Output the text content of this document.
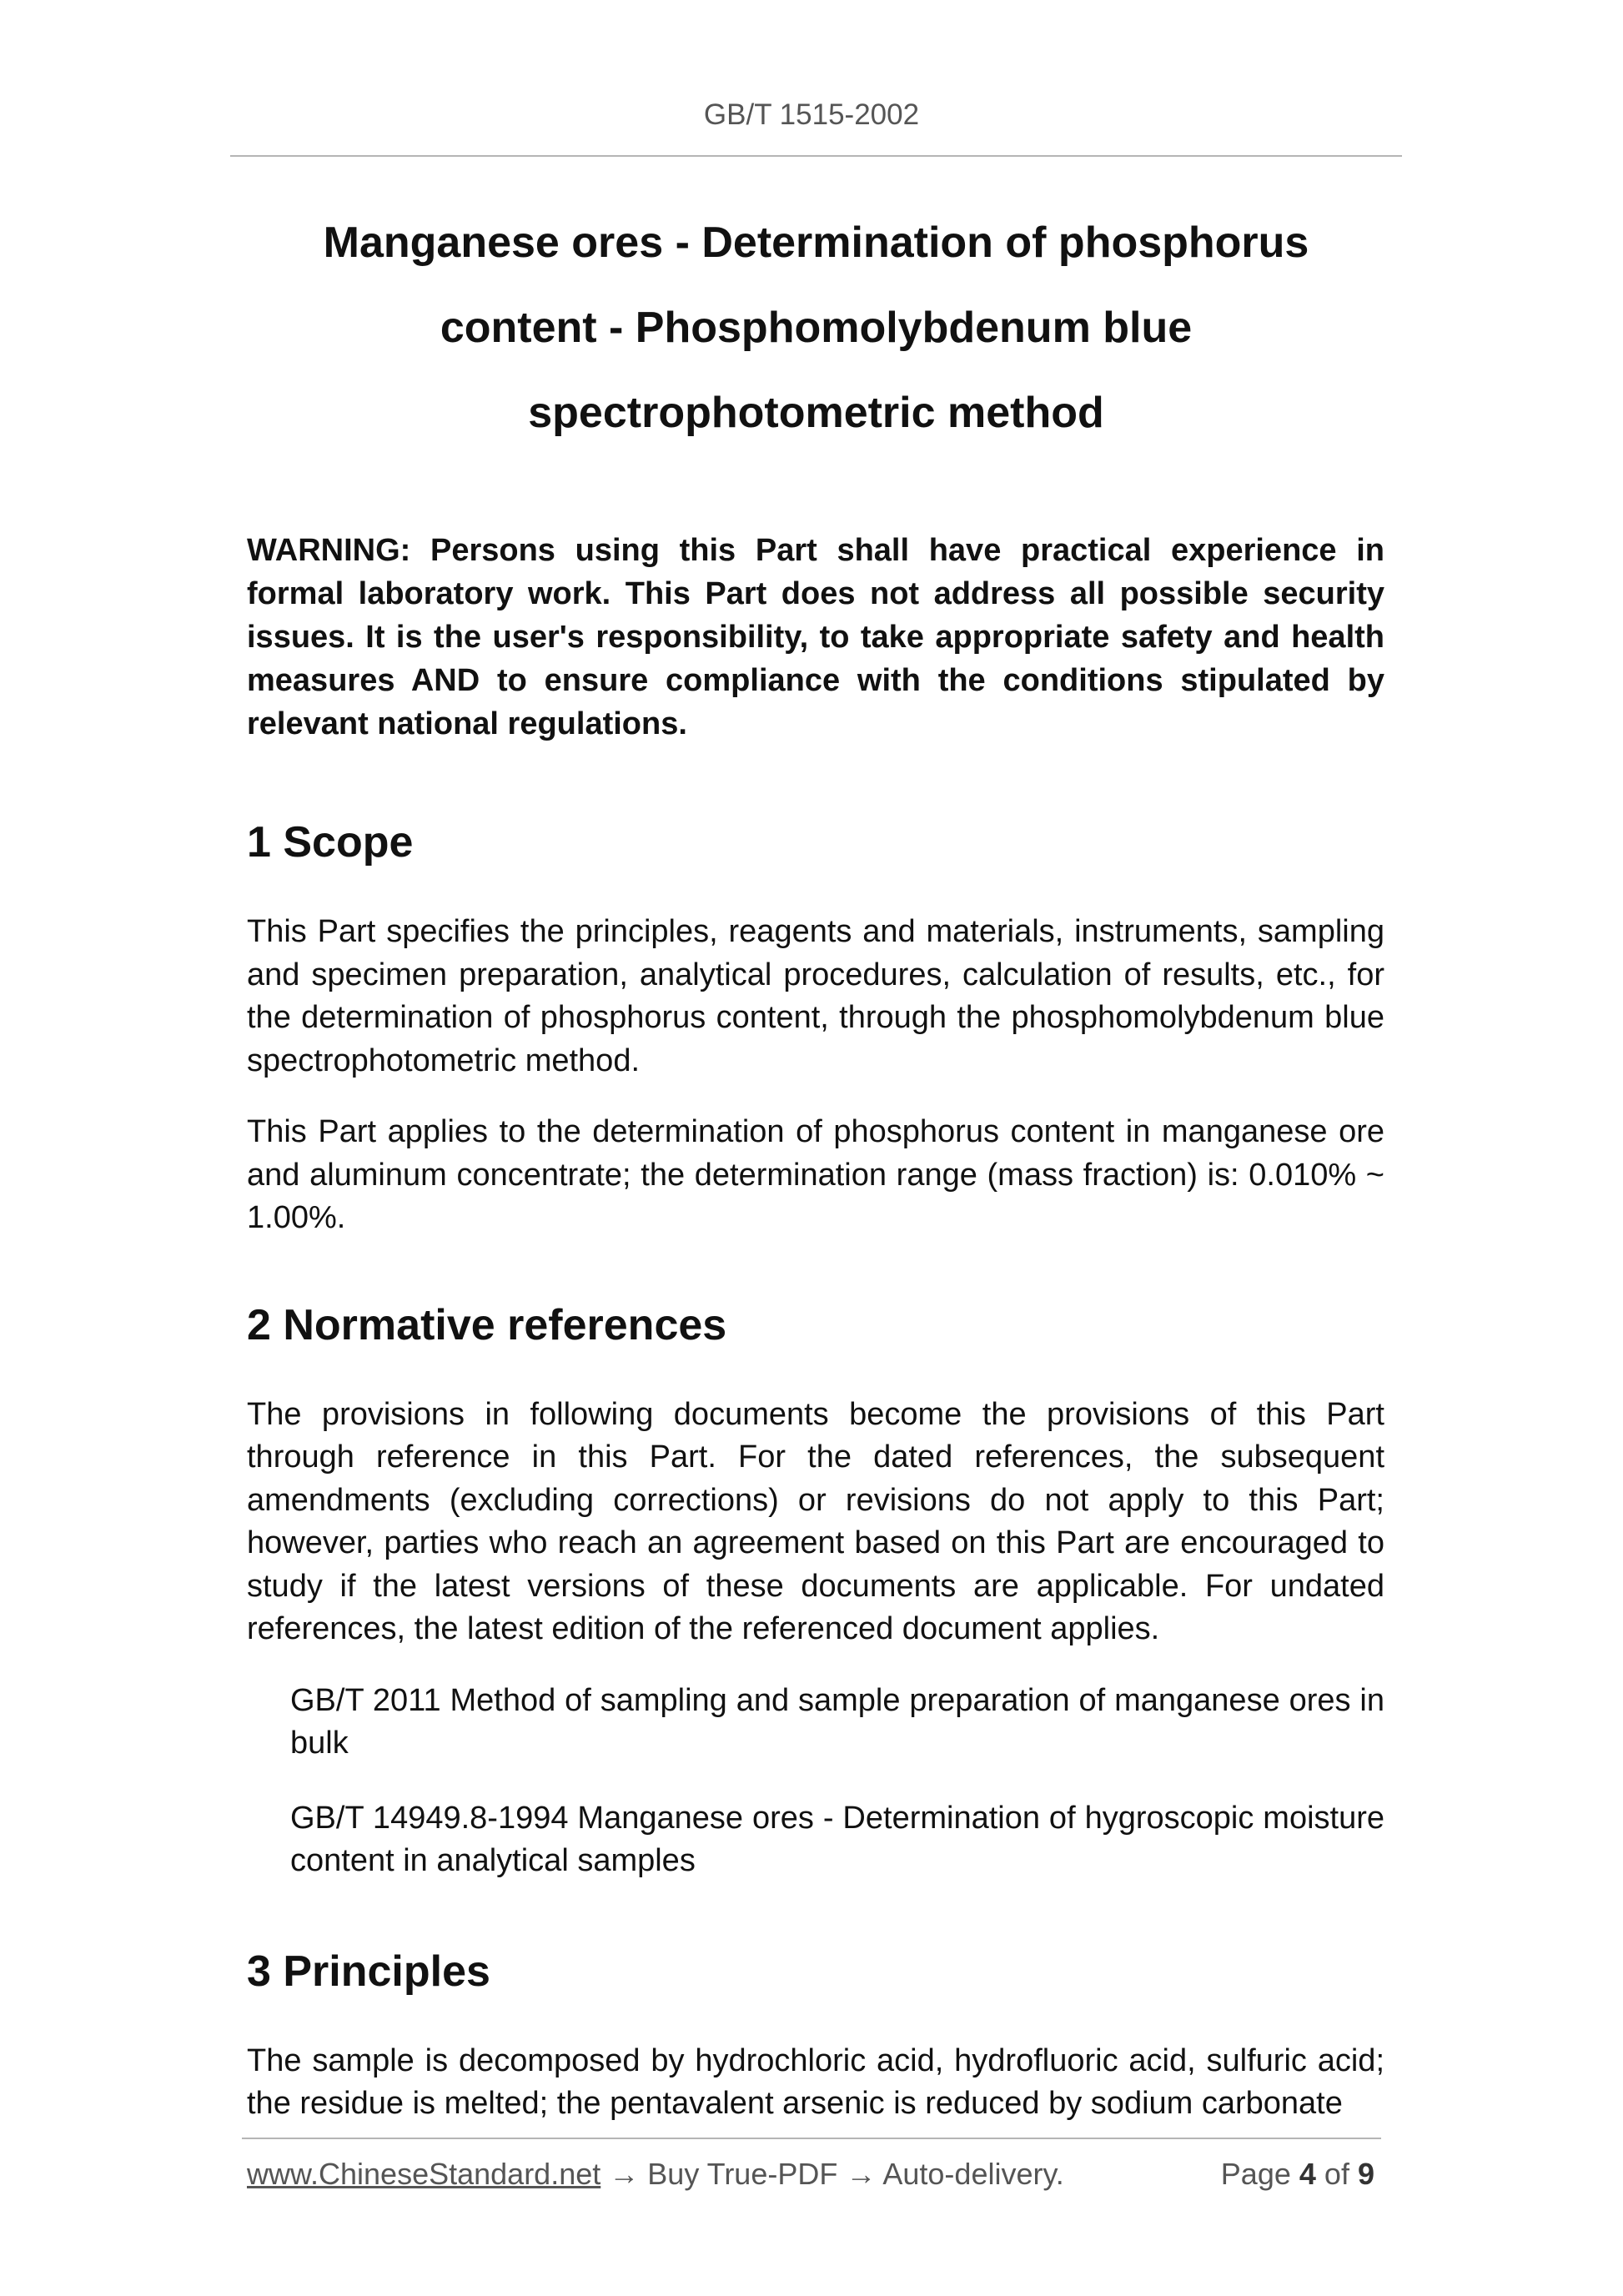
GB/T 1515-2002
Manganese ores - Determination of phosphorus
content - Phosphomolybdenum blue
spectrophotometric method

WARNING: Persons using this Part shall have practical experience in formal laboratory work. This Part does not address all possible security issues. It is the user's responsibility, to take appropriate safety and health measures AND to ensure compliance with the conditions stipulated by relevant national regulations.

1 Scope

This Part specifies the principles, reagents and materials, instruments, sampling and specimen preparation, analytical procedures, calculation of results, etc., for the determination of phosphorus content, through the phosphomolybdenum blue spectrophotometric method.

This Part applies to the determination of phosphorus content in manganese ore and aluminum concentrate; the determination range (mass fraction) is: 0.010% ~ 1.00%.

2 Normative references

The provisions in following documents become the provisions of this Part through reference in this Part. For the dated references, the subsequent amendments (excluding corrections) or revisions do not apply to this Part; however, parties who reach an agreement based on this Part are encouraged to study if the latest versions of these documents are applicable. For undated references, the latest edition of the referenced document applies.

GB/T 2011 Method of sampling and sample preparation of manganese ores in bulk

GB/T 14949.8-1994 Manganese ores - Determination of hygroscopic moisture content in analytical samples

3 Principles

The sample is decomposed by hydrochloric acid, hydrofluoric acid, sulfuric acid; the residue is melted; the pentavalent arsenic is reduced by sodium carbonate

www.ChineseStandard.net → Buy True-PDF → Auto-delivery.	Page 4 of 9
